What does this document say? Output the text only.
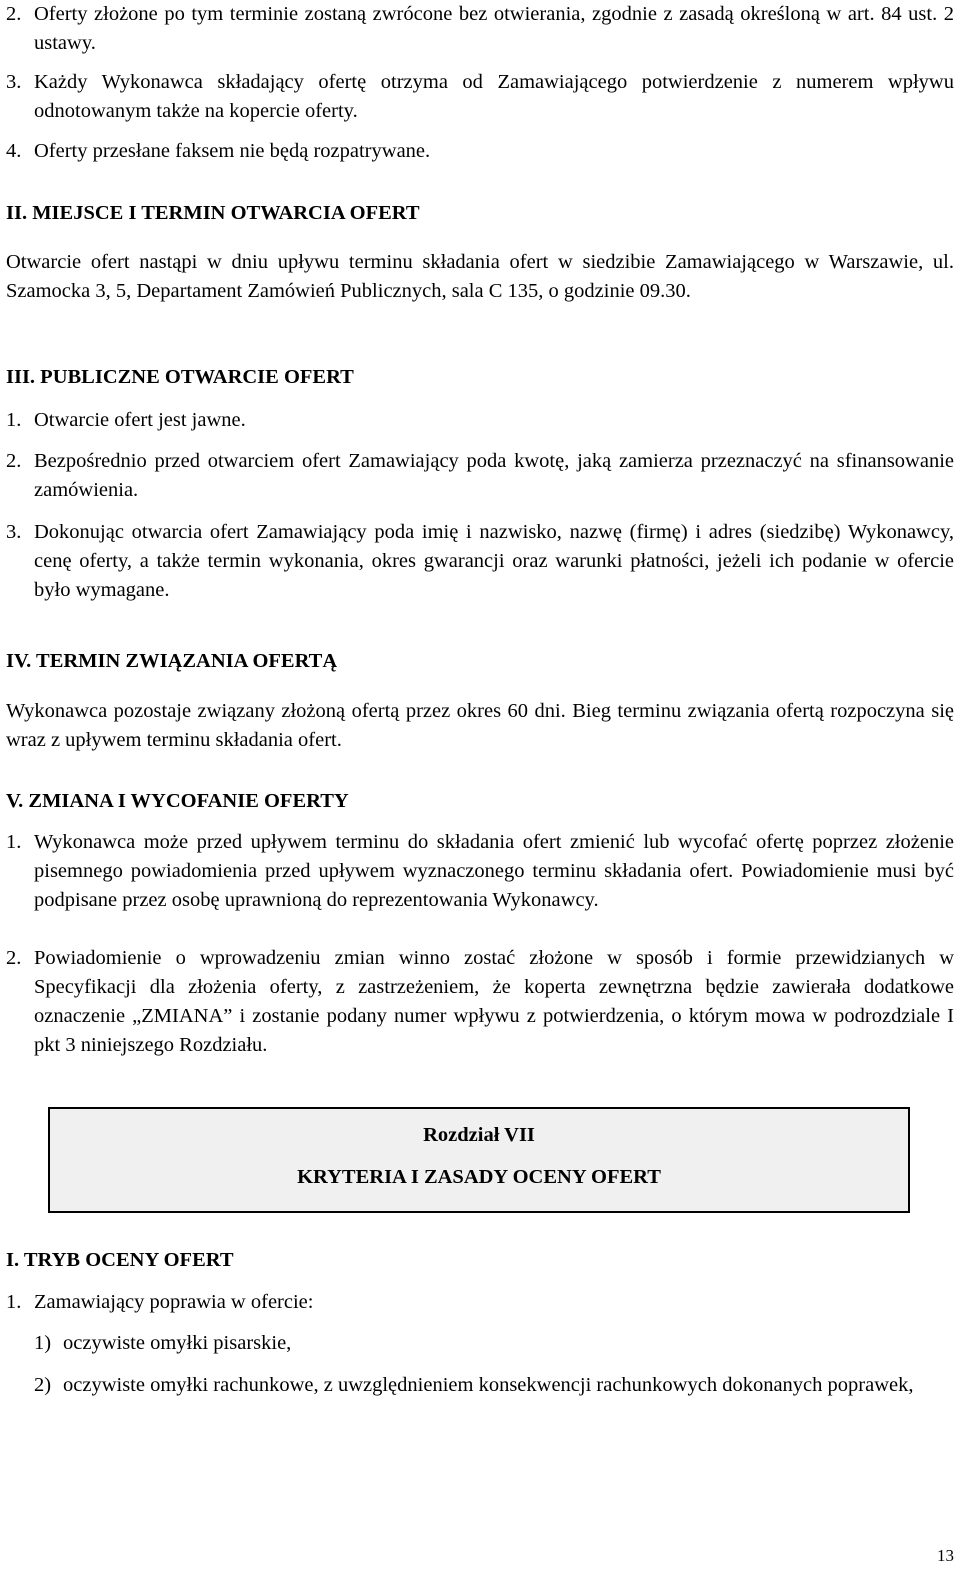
2. Oferty złożone po tym terminie zostaną zwrócone bez otwierania, zgodnie z zasadą określoną w art. 84 ust. 2 ustawy.
3. Każdy Wykonawca składający ofertę otrzyma od Zamawiającego potwierdzenie z numerem wpływu odnotowanym także na kopercie oferty.
4. Oferty przesłane faksem nie będą rozpatrywane.
II. MIEJSCE I TERMIN OTWARCIA OFERT

Otwarcie ofert nastąpi w dniu upływu terminu składania ofert w siedzibie Zamawiającego w Warszawie, ul. Szamocka 3, 5, Departament Zamówień Publicznych, sala C 135, o godzinie 09.30.

III. PUBLICZNE OTWARCIE OFERT
1. Otwarcie ofert jest jawne.
2. Bezpośrednio przed otwarciem ofert Zamawiający poda kwotę, jaką zamierza przeznaczyć na sfinansowanie zamówienia.
3. Dokonując otwarcia ofert Zamawiający poda imię i nazwisko, nazwę (firmę) i adres (siedzibę) Wykonawcy, cenę oferty, a także termin wykonania, okres gwarancji oraz warunki płatności, jeżeli ich podanie w ofercie było wymagane.
IV. TERMIN ZWIĄZANIA OFERTĄ

Wykonawca pozostaje związany złożoną ofertą przez okres 60 dni. Bieg terminu związania ofertą rozpoczyna się wraz z upływem terminu składania ofert.

V. ZMIANA I WYCOFANIE OFERTY
1. Wykonawca może przed upływem terminu do składania ofert zmienić lub wycofać ofertę poprzez złożenie pisemnego powiadomienia przed upływem wyznaczonego terminu składania ofert. Powiadomienie musi być podpisane przez osobę uprawnioną do reprezentowania Wykonawcy.
2. Powiadomienie o wprowadzeniu zmian winno zostać złożone w sposób i formie przewidzianych w Specyfikacji dla złożenia oferty, z zastrzeżeniem, że koperta zewnętrzna będzie zawierała dodatkowe oznaczenie „ZMIANA” i zostanie podany numer wpływu z potwierdzenia, o którym mowa w podrozdziale I pkt 3 niniejszego Rozdziału.
Rozdział VII
KRYTERIA I ZASADY OCENY OFERT
I. TRYB OCENY OFERT
1. Zamawiający poprawia w ofercie:
1) oczywiste omyłki pisarskie,
2) oczywiste omyłki rachunkowe, z uwzględnieniem konsekwencji rachunkowych dokonanych poprawek,
13
